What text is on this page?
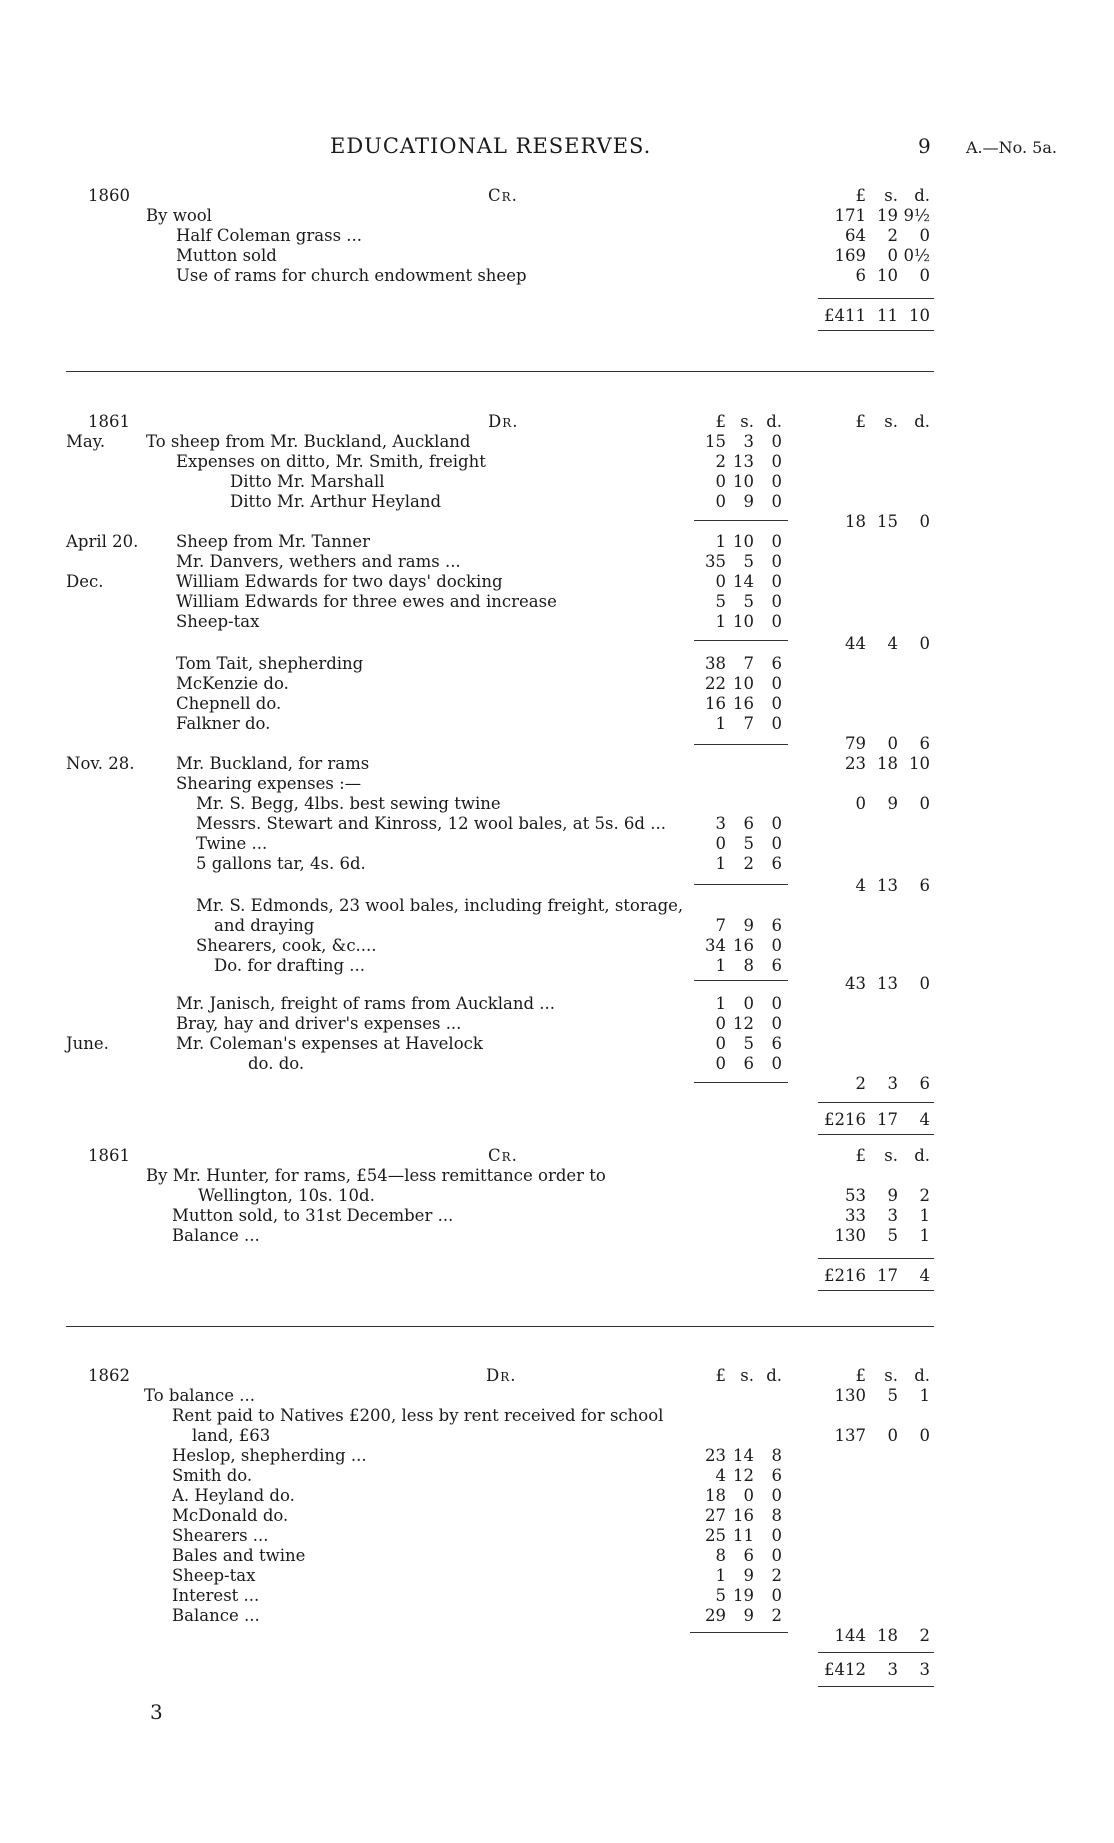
EDUCATIONAL RESERVES.	9 A.—No. 5a.
1860	Cr.	£	s. d.
By wool	171 19 9½
Half Coleman grass ...	64	2	0
Mutton sold	169	0 0½
Use of rams for church endowment sheep	6 10	0
£411 11 10
1861	Dr.	£ s. d.	£	s. d.
May. To sheep from Mr. Buckland, Auckland	15	3	0
Expenses on ditto, Mr. Smith, freight	2 13	0
Ditto Mr. Marshall	0 10	0
Ditto Mr. Arthur Heyland	0	9	0
18 15	0
April 20. Sheep from Mr. Tanner	1 10	0
Mr. Danvers, wethers and rams ...	35	5	0
Dec.	William Edwards for two days' docking	0 14	0
William Edwards for three ewes and increase	5	5	0
Sheep-tax	1 10	0
44	4	0
Tom Tait, shepherding	38	7	6
McKenzie do.	22 10	0
Chepnell do.	16 16	0
Falkner do.	1	7	0
79	0	6
Nov. 28.	Mr. Buckland, for rams	23 18 10
Shearing expenses :—
Mr. S. Begg, 4lbs. best sewing twine	0	9	0
Messrs. Stewart and Kinross, 12 wool bales, at 5s. 6d ...	3	6	0
Twine ...	0	5	0
5 gallons tar, 4s. 6d.	1	2	6
4 13	6
Mr. S. Edmonds, 23 wool bales, including freight, storage,
and draying	7	9	6
Shearers, cook, &c....	34 16	0
Do. for drafting ...	1	8	6
43 13	0
Mr. Janisch, freight of rams from Auckland ...	1	0	0
Bray, hay and driver's expenses ...	0 12	0
June.	Mr. Coleman's expenses at Havelock	0	5	6
do. do.	0	6	0
2	3	6
£216 17	4
1861	Cr.	£	s. d.
By Mr. Hunter, for rams, £54—less remittance order to
Wellington, 10s. 10d.	53	9	2
Mutton sold, to 31st December ...	33	3	1
Balance ...	130	5	1
£216 17	4
1862	Dr.	£ s. d.	£	s. d.
To balance ...	130	5	1
Rent paid to Natives £200, less by rent received for school
land, £63	137	0	0
Heslop, shepherding ...	23 14	8
Smith do.	4 12	6
A. Heyland do.	18	0	0
McDonald do.	27 16	8
Shearers ...	25 11	0
Bales and twine	8	6	0
Sheep-tax	1	9	2
Interest ...	5 19	0
Balance ...	29	9	2
144 18	2
£412	3	3
3
